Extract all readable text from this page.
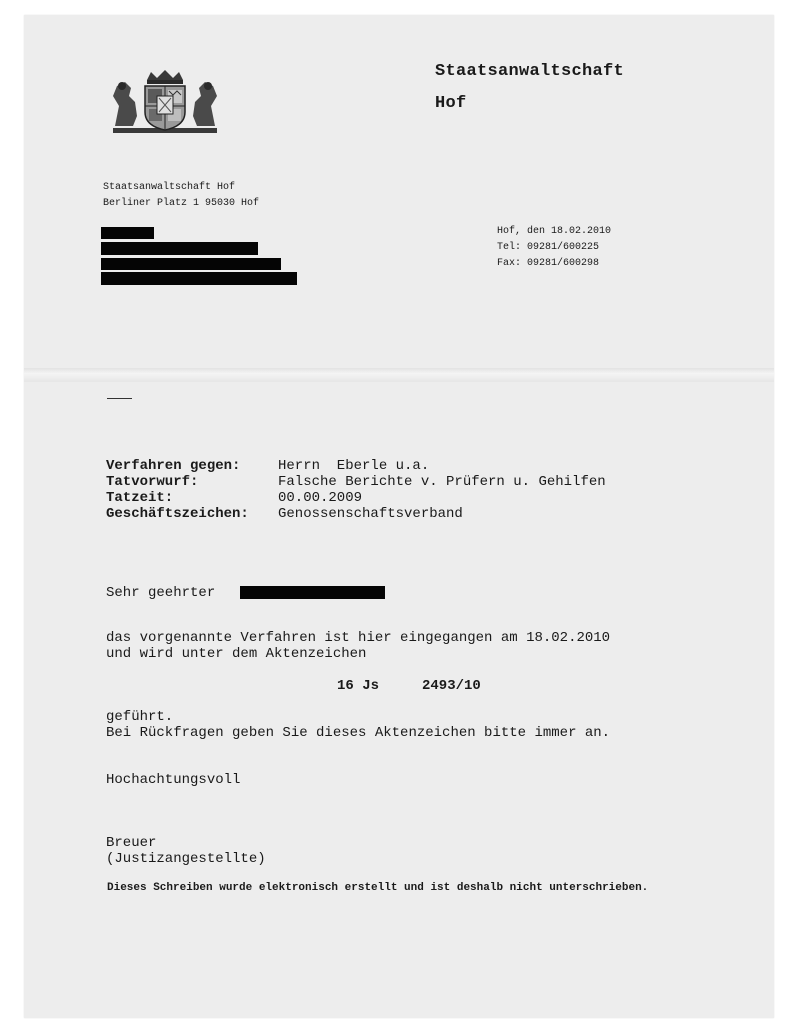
Staatsanwaltschaft
Hof
Staatsanwaltschaft Hof
Berliner Platz 1 95030 Hof
Hof, den 18.02.2010
Tel: 09281/600225
Fax: 09281/600298
Verfahren gegen:	Herrn  Eberle u.a.
Tatvorwurf:	Falsche Berichte v. Prüfern u. Gehilfen
Tatzeit:	00.00.2009
Geschäftszeichen: Genossenschaftsverband
Sehr geehrter
das vorgenannte Verfahren ist hier eingegangen am 18.02.2010
und wird unter dem Aktenzeichen
16 Js	2493/10
geführt.
Bei Rückfragen geben Sie dieses Aktenzeichen bitte immer an.
Hochachtungsvoll
Breuer
(Justizangestellte)
Dieses Schreiben wurde elektronisch erstellt und ist deshalb nicht unterschrieben.
